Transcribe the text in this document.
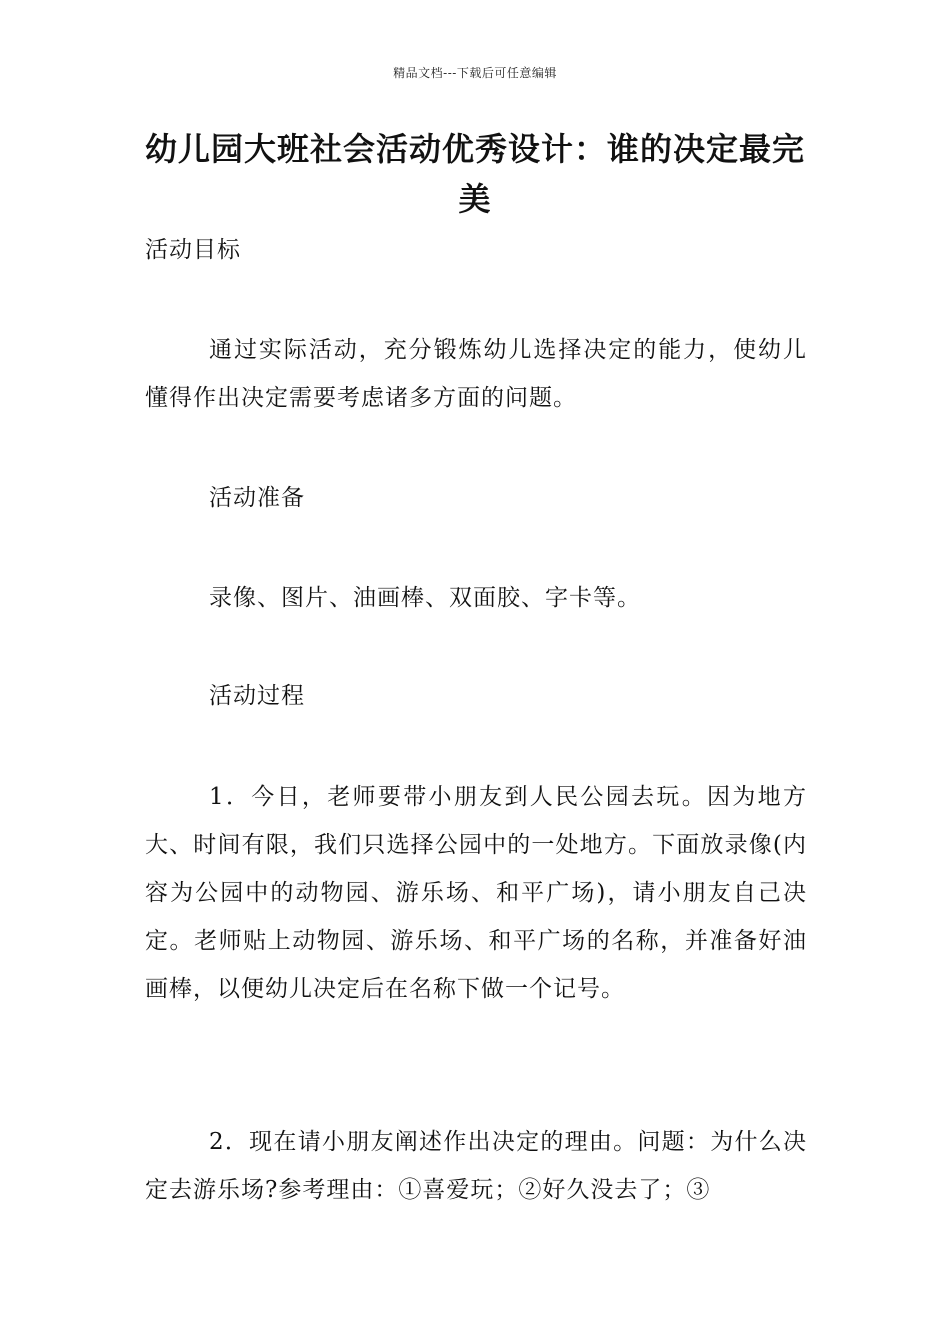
精品文档---下载后可任意编辑
幼儿园大班社会活动优秀设计：谁的决定最完美
活动目标
通过实际活动，充分锻炼幼儿选择决定的能力，使幼儿懂得作出决定需要考虑诸多方面的问题。
活动准备
录像、图片、油画棒、双面胶、字卡等。
活动过程
1．今日，老师要带小朋友到人民公园去玩。因为地方大、时间有限，我们只选择公园中的一处地方。下面放录像(内容为公园中的动物园、游乐场、和平广场)，请小朋友自己决定。老师贴上动物园、游乐场、和平广场的名称，并准备好油画棒，以便幼儿决定后在名称下做一个记号。
2．现在请小朋友阐述作出决定的理由。问题：为什么决定去游乐场?参考理由：①喜爱玩；②好久没去了；③
